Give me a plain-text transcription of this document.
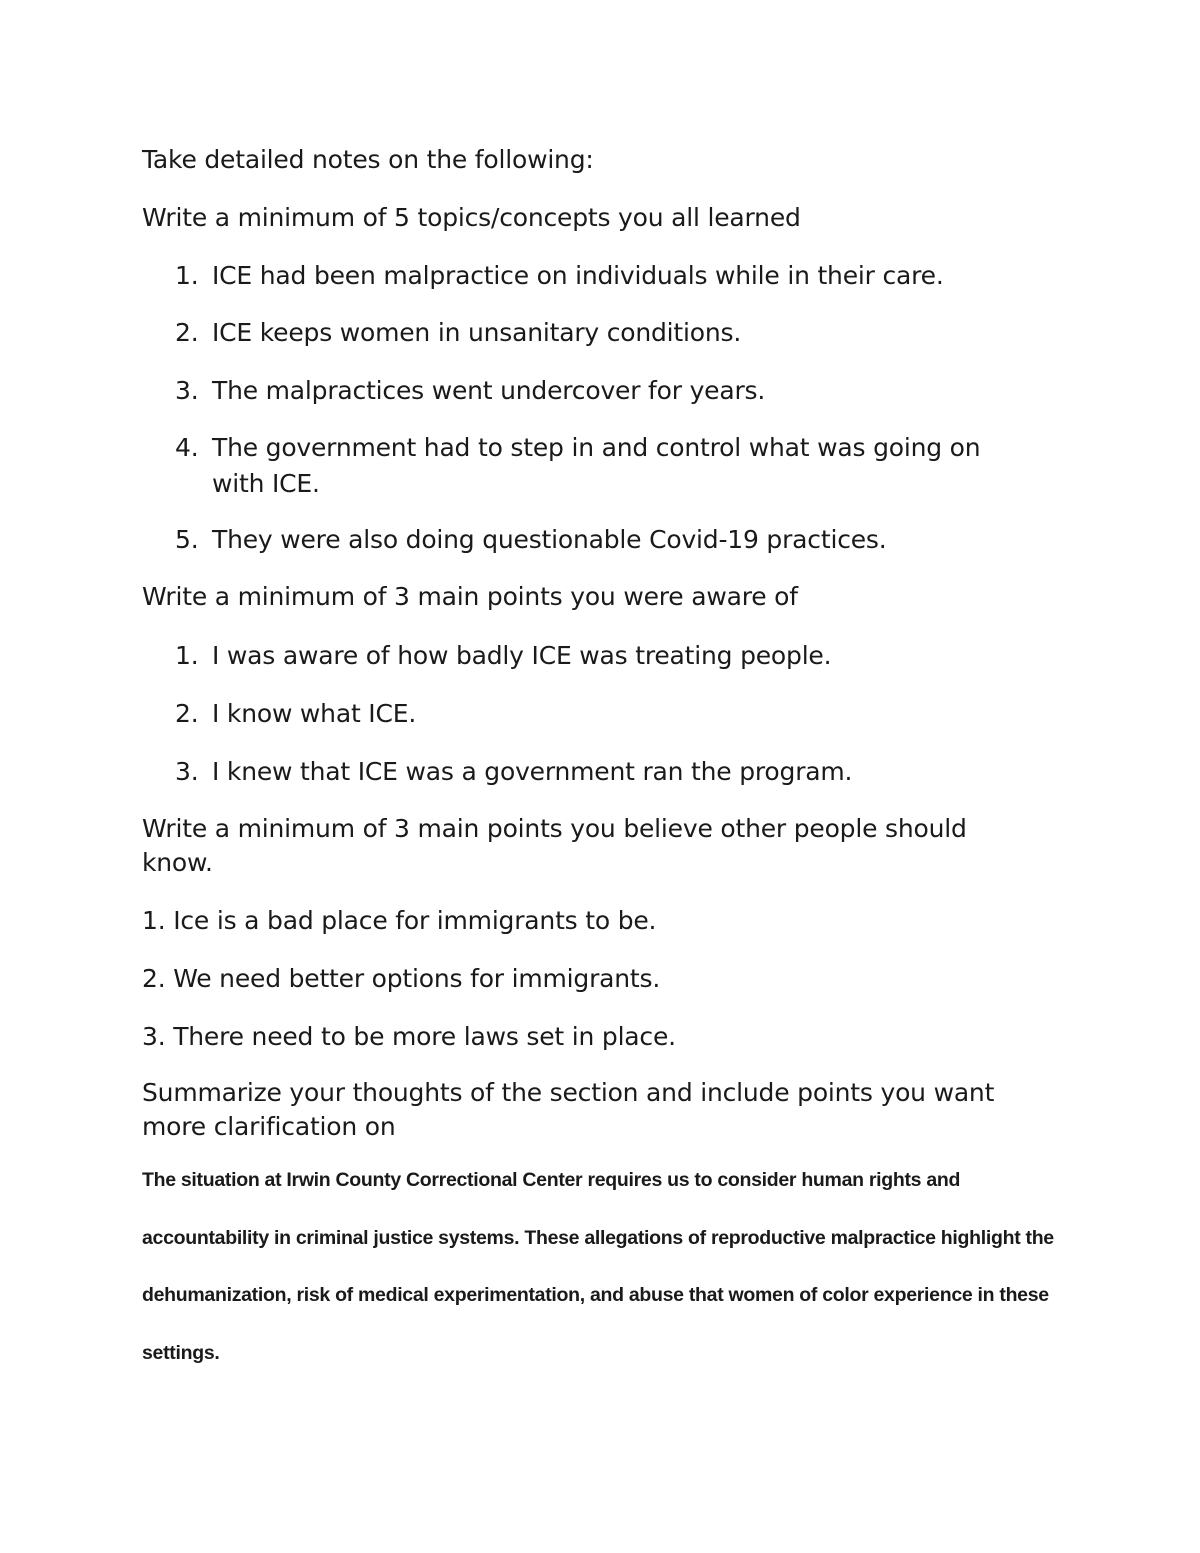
Take detailed notes on the following:
Write a minimum of 5 topics/concepts you all learned
1. ICE had been malpractice on individuals while in their care.
2. ICE keeps women in unsanitary conditions.
3. The malpractices went undercover for years.
4. The government had to step in and control what was going on with ICE.
5. They were also doing questionable Covid-19 practices.
Write a minimum of 3 main points you were aware of
1. I was aware of how badly ICE was treating people.
2. I know what ICE.
3. I knew that ICE was a government ran the program.
Write a minimum of 3 main points you believe other people should know.
1. Ice is a bad place for immigrants to be.
2. We need better options for immigrants.
3. There need to be more laws set in place.
Summarize your thoughts of the section and include points you want more clarification on
The situation at Irwin County Correctional Center requires us to consider human rights and accountability in criminal justice systems. These allegations of reproductive malpractice highlight the dehumanization, risk of medical experimentation, and abuse that women of color experience in these settings.
